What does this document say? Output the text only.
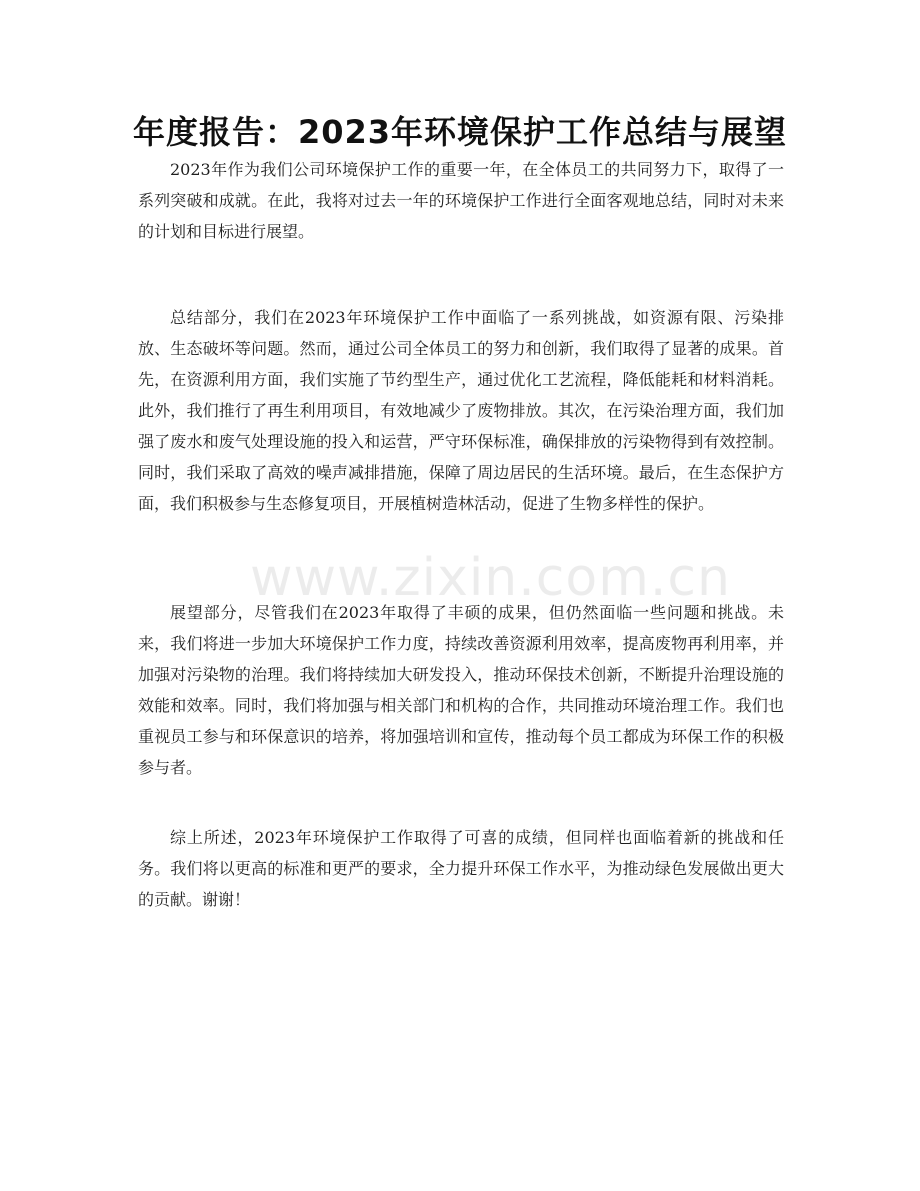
年度报告：2023年环境保护工作总结与展望

2023年作为我们公司环境保护工作的重要一年，在全体员工的共同努力下，取得了一系列突破和成就。在此，我将对过去一年的环境保护工作进行全面客观地总结，同时对未来的计划和目标进行展望。

总结部分，我们在2023年环境保护工作中面临了一系列挑战，如资源有限、污染排放、生态破坏等问题。然而，通过公司全体员工的努力和创新，我们取得了显著的成果。首先，在资源利用方面，我们实施了节约型生产，通过优化工艺流程，降低能耗和材料消耗。此外，我们推行了再生利用项目，有效地减少了废物排放。其次，在污染治理方面，我们加强了废水和废气处理设施的投入和运营，严守环保标准，确保排放的污染物得到有效控制。同时，我们采取了高效的噪声减排措施，保障了周边居民的生活环境。最后，在生态保护方面，我们积极参与生态修复项目，开展植树造林活动，促进了生物多样性的保护。

展望部分，尽管我们在2023年取得了丰硕的成果，但仍然面临一些问题和挑战。未来，我们将进一步加大环境保护工作力度，持续改善资源利用效率，提高废物再利用率，并加强对污染物的治理。我们将持续加大研发投入，推动环保技术创新，不断提升治理设施的效能和效率。同时，我们将加强与相关部门和机构的合作，共同推动环境治理工作。我们也重视员工参与和环保意识的培养，将加强培训和宣传，推动每个员工都成为环保工作的积极参与者。

综上所述，2023年环境保护工作取得了可喜的成绩，但同样也面临着新的挑战和任务。我们将以更高的标准和更严的要求，全力提升环保工作水平，为推动绿色发展做出更大的贡献。谢谢！

www.zixin.com.cn
